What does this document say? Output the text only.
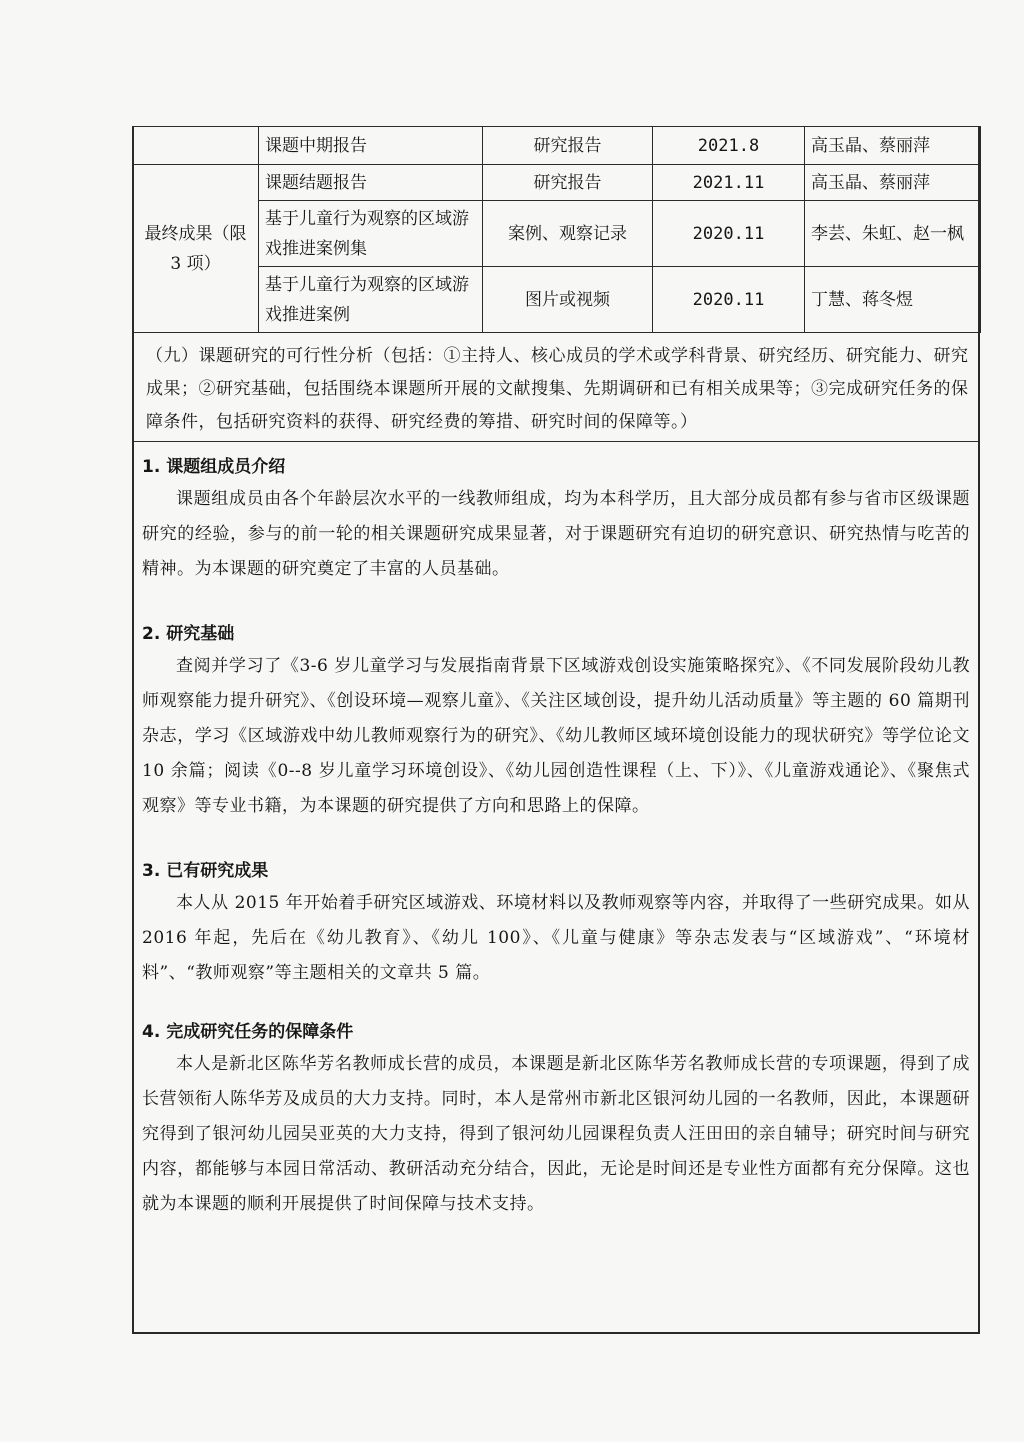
	课题中期报告	研究报告	2021.8	高玉晶、蔡丽萍
最终成果（限 3 项）	课题结题报告	研究报告	2021.11	高玉晶、蔡丽萍
	基于儿童行为观察的区域游戏推进案例集	案例、观察记录	2020.11	李芸、朱虹、赵一枫
	基于儿童行为观察的区域游戏推进案例	图片或视频	2020.11	丁慧、蒋冬煜
（九）课题研究的可行性分析（包括：①主持人、核心成员的学术或学科背景、研究经历、研究能力、研究成果；②研究基础，包括围绕本课题所开展的文献搜集、先期调研和已有相关成果等；③完成研究任务的保障条件，包括研究资料的获得、研究经费的筹措、研究时间的保障等。）

1. 课题组成员介绍

课题组成员由各个年龄层次水平的一线教师组成，均为本科学历，且大部分成员都有参与省市区级课题研究的经验，参与的前一轮的相关课题研究成果显著，对于课题研究有迫切的研究意识、研究热情与吃苦的精神。为本课题的研究奠定了丰富的人员基础。

2. 研究基础

查阅并学习了《3-6 岁儿童学习与发展指南背景下区域游戏创设实施策略探究》、《不同发展阶段幼儿教师观察能力提升研究》、《创设环境—观察儿童》、《关注区域创设，提升幼儿活动质量》等主题的 60 篇期刊杂志，学习《区域游戏中幼儿教师观察行为的研究》、《幼儿教师区域环境创设能力的现状研究》等学位论文 10 余篇；阅读《0--8 岁儿童学习环境创设》、《幼儿园创造性课程（上、下）》、《儿童游戏通论》、《聚焦式观察》等专业书籍，为本课题的研究提供了方向和思路上的保障。

3. 已有研究成果

本人从 2015 年开始着手研究区域游戏、环境材料以及教师观察等内容，并取得了一些研究成果。如从 2016 年起，先后在《幼儿教育》、《幼儿 100》、《儿童与健康》等杂志发表与“区域游戏”、“环境材料”、“教师观察”等主题相关的文章共 5 篇。

4. 完成研究任务的保障条件

本人是新北区陈华芳名教师成长营的成员，本课题是新北区陈华芳名教师成长营的专项课题，得到了成长营领衔人陈华芳及成员的大力支持。同时，本人是常州市新北区银河幼儿园的一名教师，因此，本课题研究得到了银河幼儿园吴亚英的大力支持，得到了银河幼儿园课程负责人汪田田的亲自辅导；研究时间与研究内容，都能够与本园日常活动、教研活动充分结合，因此，无论是时间还是专业性方面都有充分保障。这也就为本课题的顺利开展提供了时间保障与技术支持。
